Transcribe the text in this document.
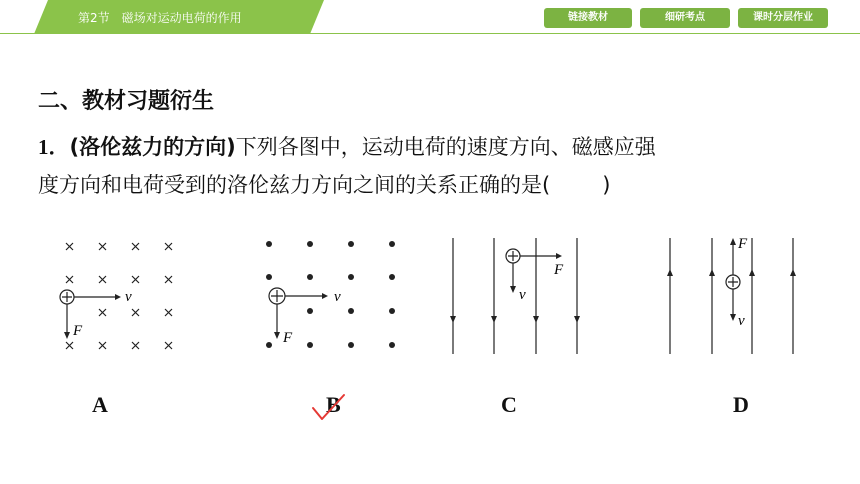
第2节　磁场对运动电荷的作用	链接教材	细研考点	课时分层作业
二、教材习题衍生
1．(洛伦兹力的方向)下列各图中，运动电荷的速度方向、磁感应强
度方向和电荷受到的洛伦兹力方向之间的关系正确的是( )
v
F
v
F
F
v
F
v
A	B	C	D
